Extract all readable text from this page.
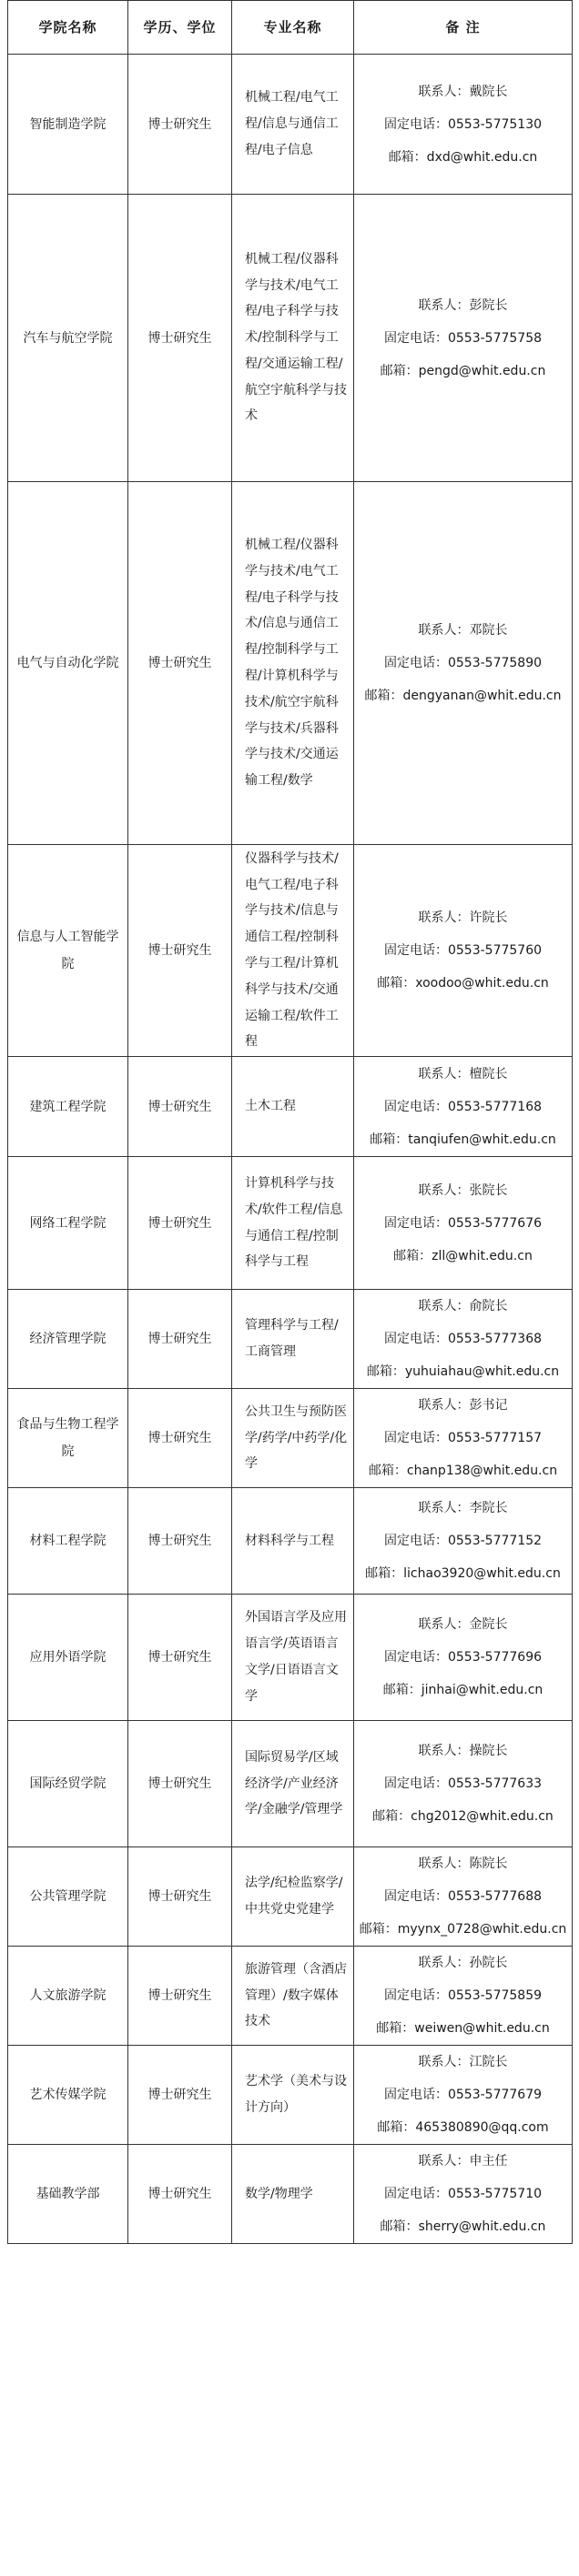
学院名称	学历、学位	专业名称	备 注
智能制造学院	博士研究生	机械工程/电气工程/信息与通信工程/电子信息	联系人：戴院长
固定电话：0553-5775130
邮箱：dxd@whit.edu.cn

汽车与航空学院	博士研究生	机械工程/仪器科学与技术/电气工程/电子科学与技术/控制科学与工程/交通运输工程/航空宇航科学与技术	联系人：彭院长
固定电话：0553-5775758
邮箱：pengd@whit.edu.cn

电气与自动化学院	博士研究生	机械工程/仪器科学与技术/电气工程/电子科学与技术/信息与通信工程/控制科学与工程/计算机科学与技术/航空宇航科学与技术/兵器科学与技术/交通运输工程/数学	联系人：邓院长
固定电话：0553-5775890
邮箱：dengyanan@whit.edu.cn

信息与人工智能学院	博士研究生	仪器科学与技术/电气工程/电子科学与技术/信息与通信工程/控制科学与工程/计算机科学与技术/交通运输工程/软件工程	联系人：许院长
固定电话：0553-5775760
邮箱：xoodoo@whit.edu.cn

建筑工程学院	博士研究生	土木工程	联系人：檀院长
固定电话：0553-5777168
邮箱：tanqiufen@whit.edu.cn

网络工程学院	博士研究生	计算机科学与技术/软件工程/信息与通信工程/控制科学与工程	联系人：张院长
固定电话：0553-5777676
邮箱：zll@whit.edu.cn

经济管理学院	博士研究生	管理科学与工程/工商管理	联系人：俞院长
固定电话：0553-5777368
邮箱：yuhuiahau@whit.edu.cn

食品与生物工程学院	博士研究生	公共卫生与预防医学/药学/中药学/化学	联系人：彭书记
固定电话：0553-5777157
邮箱：chanp138@whit.edu.cn

材料工程学院	博士研究生	材料科学与工程	联系人：李院长
固定电话：0553-5777152
邮箱：lichao3920@whit.edu.cn

应用外语学院	博士研究生	外国语言学及应用语言学/英语语言文学/日语语言文学	联系人：金院长
固定电话：0553-5777696
邮箱：jinhai@whit.edu.cn

国际经贸学院	博士研究生	国际贸易学/区域经济学/产业经济学/金融学/管理学	联系人：操院长
固定电话：0553-5777633
邮箱：chg2012@whit.edu.cn

公共管理学院	博士研究生	法学/纪检监察学/中共党史党建学	联系人：陈院长
固定电话：0553-5777688
邮箱：myynx_0728@whit.edu.cn

人文旅游学院	博士研究生	旅游管理（含酒店管理）/数字媒体技术	联系人：孙院长
固定电话：0553-5775859
邮箱：weiwen@whit.edu.cn

艺术传媒学院	博士研究生	艺术学（美术与设计方向）	联系人：江院长
固定电话：0553-5777679
邮箱：465380890@qq.com

基础教学部	博士研究生	数学/物理学	联系人：申主任
固定电话：0553-5775710
邮箱：sherry@whit.edu.cn
